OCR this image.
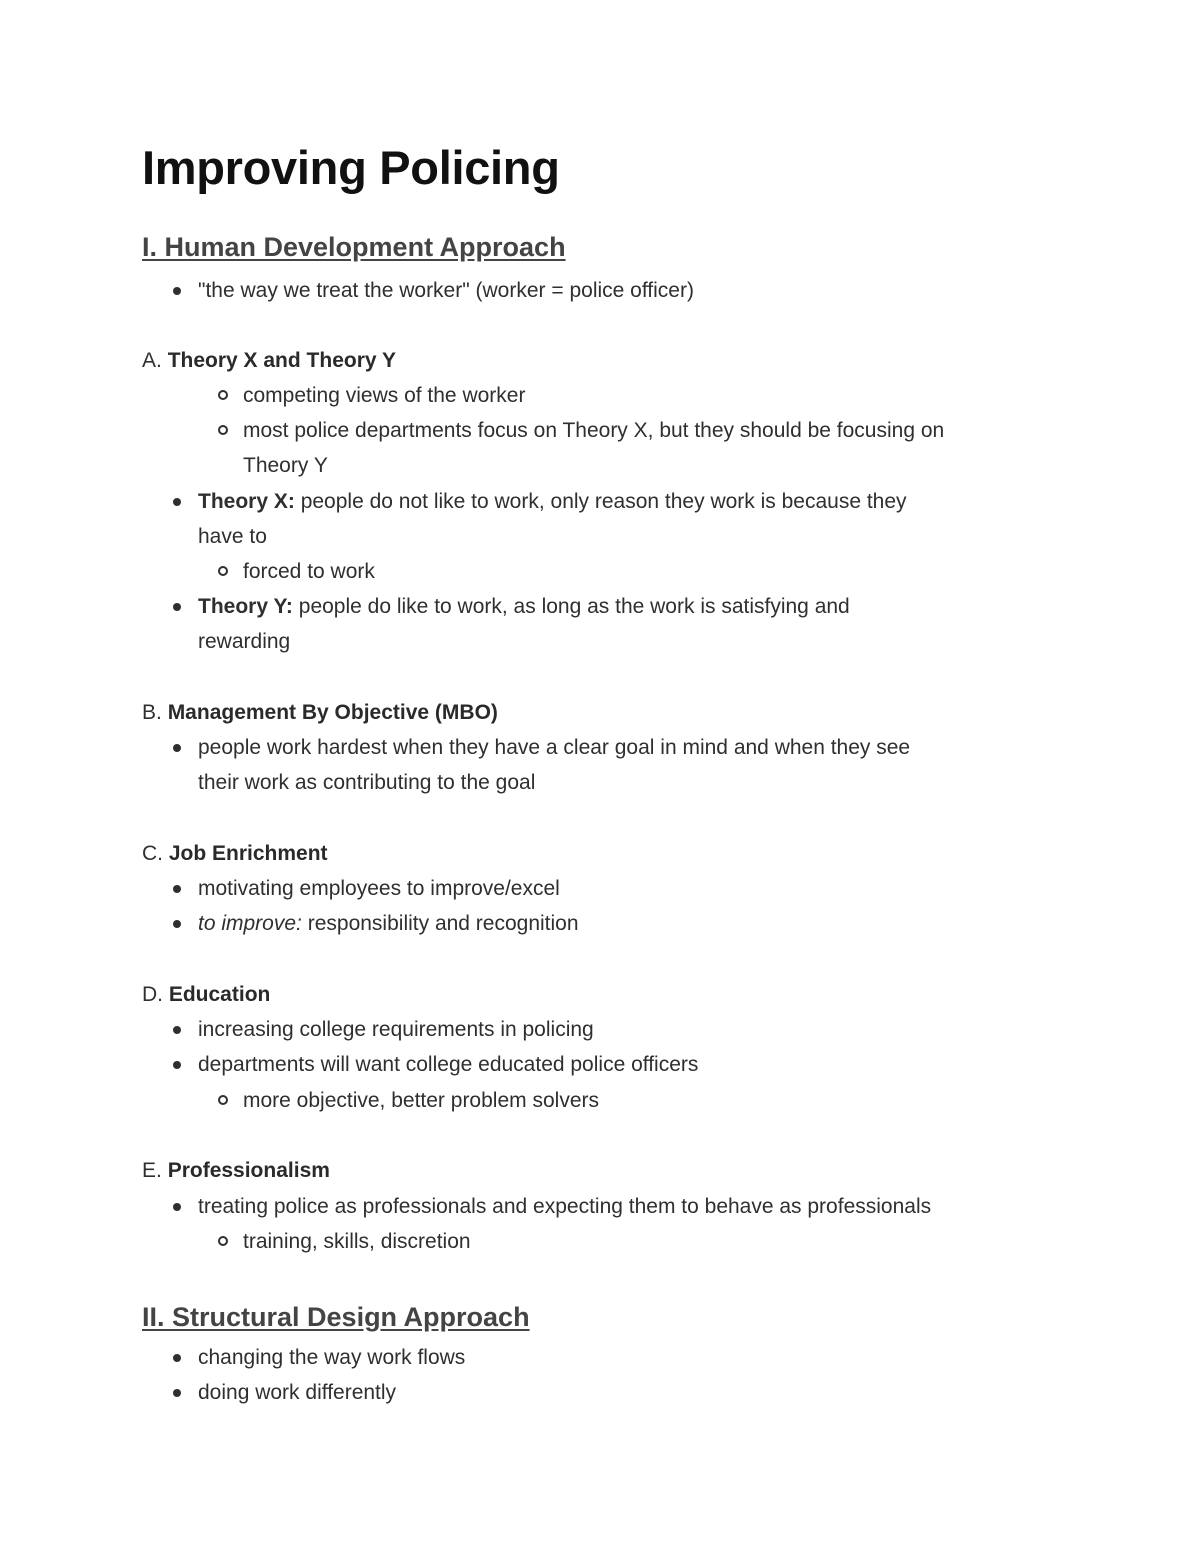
Improving Policing
I. Human Development Approach
"the way we treat the worker" (worker = police officer)
A. Theory X and Theory Y
competing views of the worker
most police departments focus on Theory X, but they should be focusing on
Theory Y
Theory X: people do not like to work, only reason they work is because they
have to
forced to work
Theory Y: people do like to work, as long as the work is satisfying and
rewarding
B. Management By Objective (MBO)
people work hardest when they have a clear goal in mind and when they see
their work as contributing to the goal
C. Job Enrichment
motivating employees to improve/excel
to improve: responsibility and recognition
D. Education
increasing college requirements in policing
departments will want college educated police officers
more objective, better problem solvers
E. Professionalism
treating police as professionals and expecting them to behave as professionals
training, skills, discretion
II. Structural Design Approach
changing the way work flows
doing work differently
